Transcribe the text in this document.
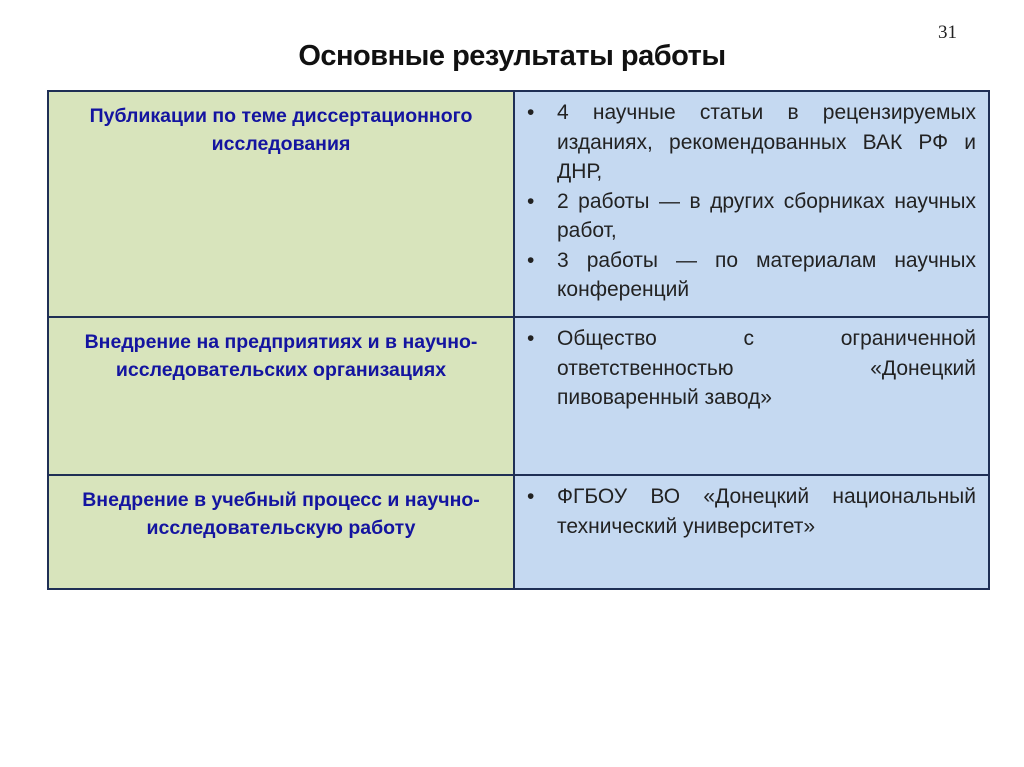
31
Основные результаты работы
Публикации по теме диссертационного исследования

• 4 научные статьи в рецензируемых изданиях, рекомендованных ВАК РФ и ДНР,
• 2 работы — в других сборниках научных работ,
• 3 работы — по материалам научных конференций

Внедрение на предприятиях и в научно-исследовательских организациях

• Общество с ограниченной ответственностью «Донецкий пивоваренный завод»

Внедрение в учебный процесс и научно-исследовательскую работу

• ФГБОУ ВО «Донецкий национальный технический университет»
